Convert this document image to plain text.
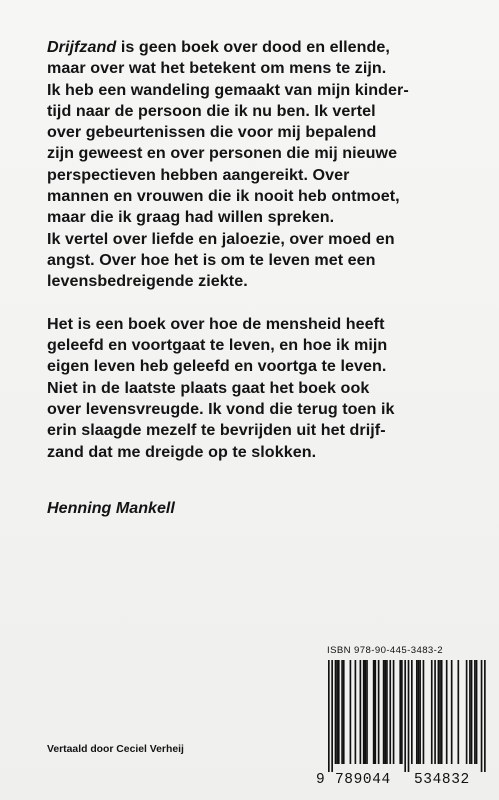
Drijfzand is geen boek over dood en ellende,
maar over wat het betekent om mens te zijn.
Ik heb een wandeling gemaakt van mijn kinder-
tijd naar de persoon die ik nu ben. Ik vertel
over gebeurtenissen die voor mij bepalend
zijn geweest en over personen die mij nieuwe
perspectieven hebben aangereikt. Over
mannen en vrouwen die ik nooit heb ontmoet,
maar die ik graag had willen spreken.
Ik vertel over liefde en jaloezie, over moed en
angst. Over hoe het is om te leven met een
levensbedreigende ziekte.
Het is een boek over hoe de mensheid heeft
geleefd en voortgaat te leven, en hoe ik mijn
eigen leven heb geleefd en voortga te leven.
Niet in de laatste plaats gaat het boek ook
over levensvreugde. Ik vond die terug toen ik
erin slaagde mezelf te bevrijden uit het drijf-
zand dat me dreigde op te slokken.
Henning Mankell
ISBN 978-90-445-3483-2
Vertaald door Ceciel Verheij
9 789044 534832
